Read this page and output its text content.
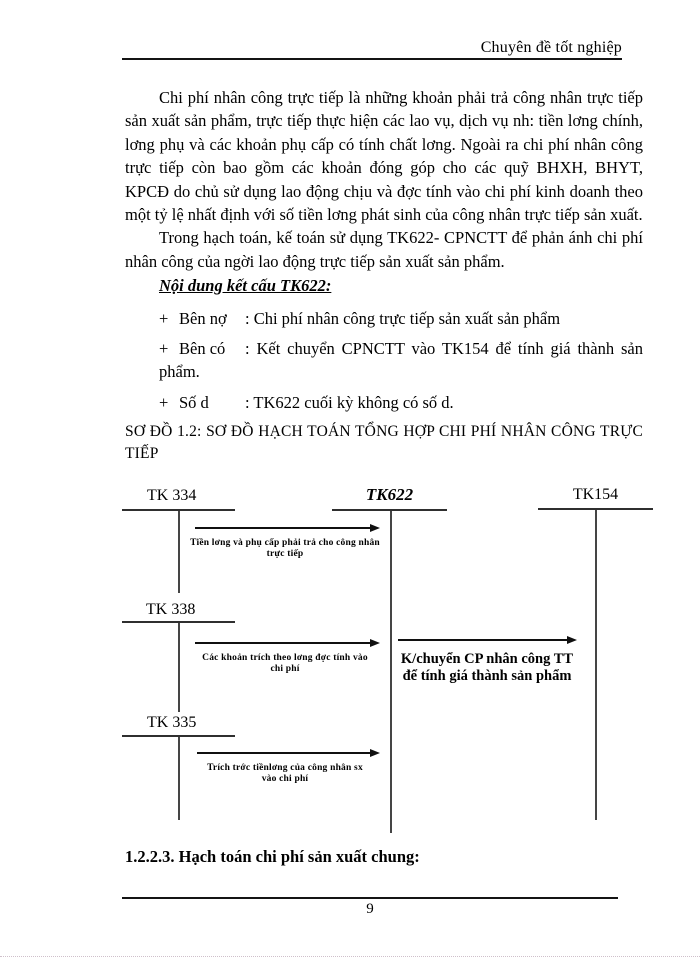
Chuyên đề tốt nghiệp

Chi phí nhân công trực tiếp là những khoản phải trả công nhân trực tiếp sản xuất sản phẩm, trực tiếp thực hiện các lao vụ, dịch vụ nh: tiền lơng chính, lơng phụ và các khoản phụ cấp có tính chất lơng. Ngoài ra chi phí nhân công trực tiếp còn bao gồm các khoản đóng góp cho các quỹ BHXH, BHYT, KPCĐ do chủ sử dụng lao động chịu và đợc tính vào chi phí kinh doanh theo một tỷ lệ nhất định với số tiền lơng phát sinh của công nhân trực tiếp sản xuất.

Trong hạch toán, kế toán sử dụng TK622- CPNCTT để phản ánh chi phí nhân công của ngời lao động trực tiếp sản xuất sản phẩm.

Nội dung kết cấu TK622:
+ Bên nợ : Chi phí nhân công trực tiếp sản xuất sản phẩm
+ Bên có : Kết chuyển CPNCTT vào TK154 để tính giá thành sản phẩm.
+ Số d : TK622 cuối kỳ không có số d.
SƠ ĐỒ 1.2: SƠ ĐỒ HẠCH TOÁN TỔNG HỢP CHI PHÍ NHÂN CÔNG TRỰC TIẾP
TK 334
Tiền lơng và phụ cấp phải trả cho công nhân
trực tiếp
TK 338
Các khoản trích theo lơng đợc tính vào
chi phí
TK 335
Trích trớc tiềnlơng của công nhân sx
vào chi phí
TK622
K/chuyển CP nhân công TT
để tính giá thành sản phẩm
TK154
1.2.2.3. Hạch toán chi phí sản xuất chung:
9
